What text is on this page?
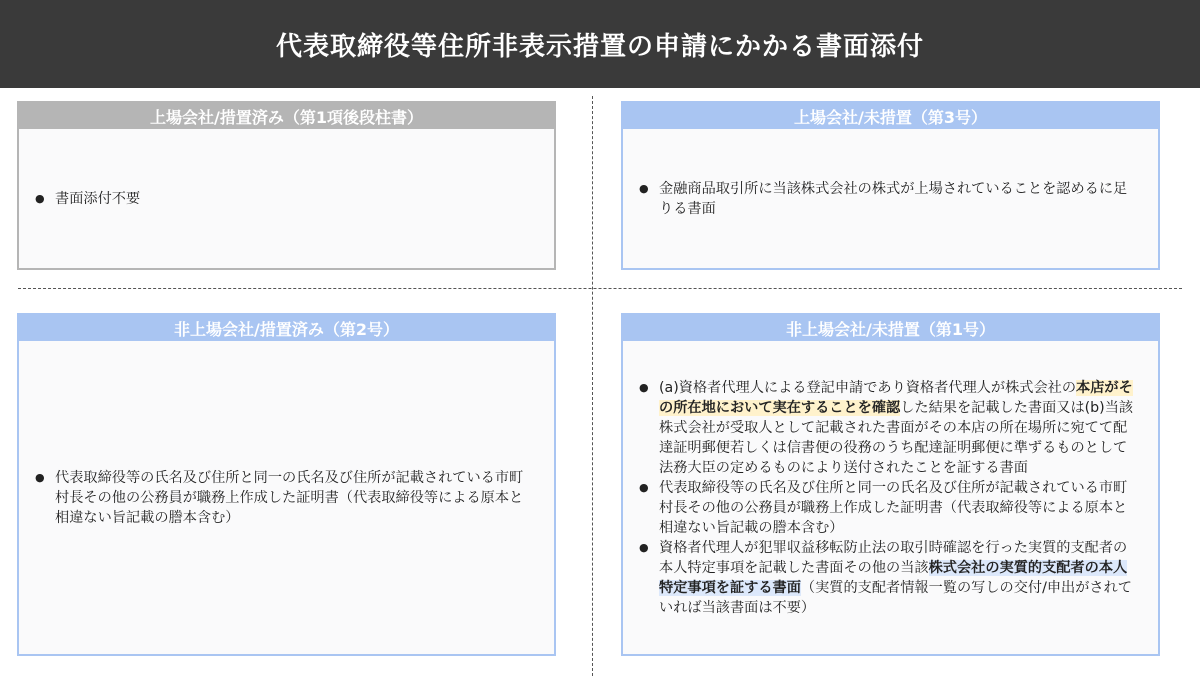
代表取締役等住所非表示措置の申請にかかる書面添付
上場会社/措置済み（第1項後段柱書）
● 書面添付不要
上場会社/未措置（第3号）
● 金融商品取引所に当該株式会社の株式が上場されていることを認めるに足りる書面
非上場会社/措置済み（第2号）
● 代表取締役等の氏名及び住所と同一の氏名及び住所が記載されている市町村長その他の公務員が職務上作成した証明書（代表取締役等による原本と相違ない旨記載の謄本含む）
非上場会社/未措置（第1号）
● (a)資格者代理人による登記申請であり資格者代理人が株式会社の本店がその所在地において実在することを確認した結果を記載した書面又は(b)当該株式会社が受取人として記載された書面がその本店の所在場所に宛てて配達証明郵便若しくは信書便の役務のうち配達証明郵便に準ずるものとして法務大臣の定めるものにより送付されたことを証する書面
● 代表取締役等の氏名及び住所と同一の氏名及び住所が記載されている市町村長その他の公務員が職務上作成した証明書（代表取締役等による原本と相違ない旨記載の謄本含む）
● 資格者代理人が犯罪収益移転防止法の取引時確認を行った実質的支配者の本人特定事項を記載した書面その他の当該株式会社の実質的支配者の本人特定事項を証する書面（実質的支配者情報一覧の写しの交付/申出がされていれば当該書面は不要）
